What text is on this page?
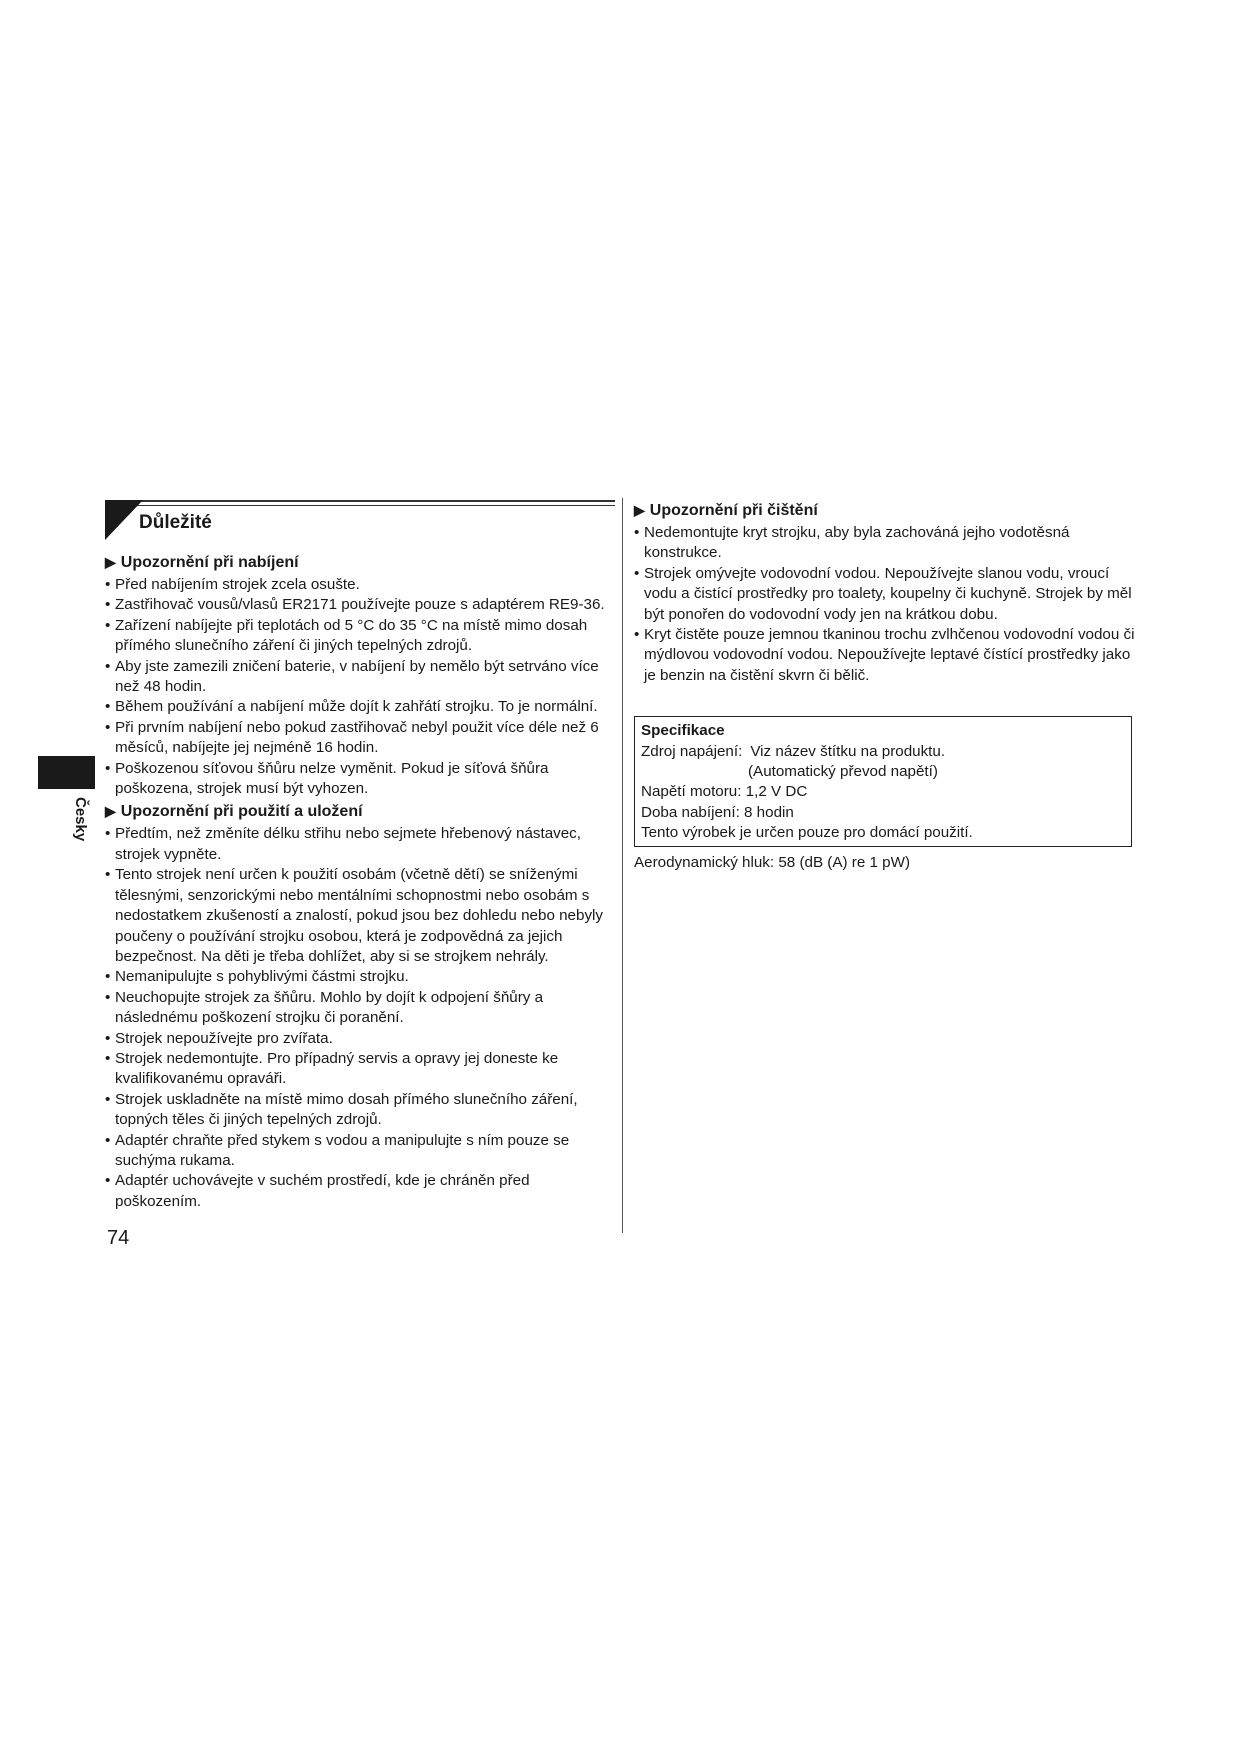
Česky
Důležité
▶ Upozornění při nabíjení
• Před nabíjením strojek zcela osušte.
• Zastřihovač vousů/vlasů ER2171 používejte pouze s adaptérem RE9-36.
• Zařízení nabíjejte při teplotách od 5 °C do 35 °C na místě mimo dosah přímého slunečního záření či jiných tepelných zdrojů.
• Aby jste zamezili zničení baterie, v nabíjení by nemělo být setrváno více než 48 hodin.
• Během používání a nabíjení může dojít k zahřátí strojku. To je normální.
• Při prvním nabíjení nebo pokud zastřihovač nebyl použit více déle než 6 měsíců, nabíjejte jej nejméně 16 hodin.
• Poškozenou síťovou šňůru nelze vyměnit. Pokud je síťová šňůra poškozena, strojek musí být vyhozen.
▶ Upozornění při použití a uložení
• Předtím, než změníte délku střihu nebo sejmete hřebenový nástavec, strojek vypněte.
• Tento strojek není určen k použití osobám (včetně dětí) se sníženými tělesnými, senzorickými nebo mentálními schopnostmi nebo osobám s nedostatkem zkušeností a znalostí, pokud jsou bez dohledu nebo nebyly poučeny o používání strojku osobou, která je zodpovědná za jejich bezpečnost. Na děti je třeba dohlížet, aby si se strojkem nehrály.
• Nemanipulujte s pohyblivými částmi strojku.
• Neuchopujte strojek za šňůru. Mohlo by dojít k odpojení šňůry a následnému poškození strojku či poranění.
• Strojek nepoužívejte pro zvířata.
• Strojek nedemontujte. Pro případný servis a opravy jej doneste ke kvalifikovanému opraváři.
• Strojek uskladněte na místě mimo dosah přímého slunečního záření, topných těles či jiných tepelných zdrojů.
• Adaptér chraňte před stykem s vodou a manipulujte s ním pouze se suchýma rukama.
• Adaptér uchovávejte v suchém prostředí, kde je chráněn před poškozením.
▶ Upozornění při čištění
• Nedemontujte kryt strojku, aby byla zachováná jejho vodotěsná konstrukce.
• Strojek omývejte vodovodní vodou. Nepoužívejte slanou vodu, vroucí vodu a čistící prostředky pro toalety, koupelny či kuchyně. Strojek by měl být ponořen do vodovodní vody jen na krátkou dobu.
• Kryt čistěte pouze jemnou tkaninou trochu zvlhčenou vodovodní vodou či mýdlovou vodovodní vodou. Nepoužívejte leptavé čístící prostředky jako je benzin na čistění skvrn či bělič.
Specifikace
Zdroj napájení: Viz název štítku na produktu.
(Automatický převod napětí)
Napětí motoru: 1,2 V DC
Doba nabíjení: 8 hodin
Tento výrobek je určen pouze pro domácí použití.
Aerodynamický hluk: 58 (dB (A) re 1 pW)
74
